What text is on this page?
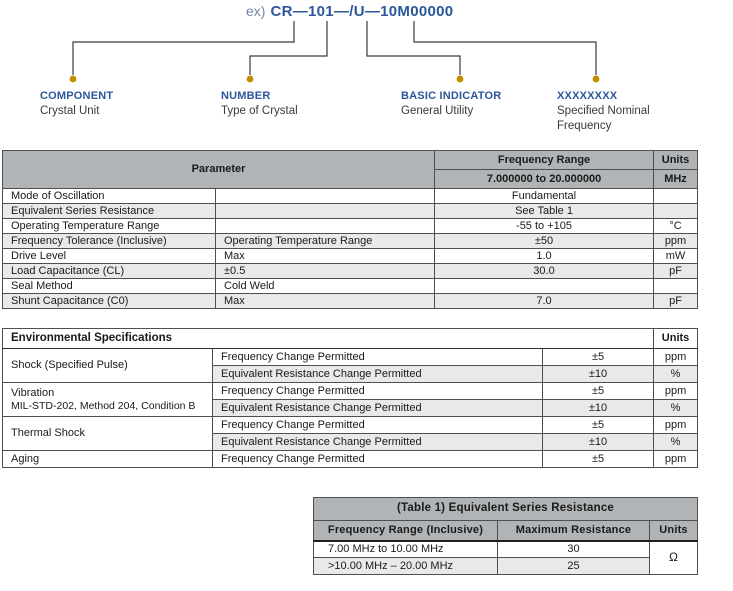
ex) CR—101—/U—10M00000
COMPONENT
Crystal Unit
NUMBER
Type of Crystal
BASIC INDICATOR
General Utility
XXXXXXXX
Specified Nominal Frequency
Parameter		Frequency Range	Units
		7.000000 to 20.000000	MHz
Mode of Oscillation		Fundamental	
Equivalent Series Resistance		See Table 1	
Operating Temperature Range		-55 to +105	°C
Frequency Tolerance (Inclusive)	Operating Temperature Range	±50	ppm
Drive Level	Max	1.0	mW
Load Capacitance (CL)	±0.5	30.0	pF
Seal Method	Cold Weld		
Shunt Capacitance (C0)	Max	7.0	pF
Environmental Specifications			Units

Shock (Specified Pulse)	Frequency Change Permitted	±5	ppm
	Equivalent Resistance Change Permitted	±10	%

Vibration
MIL-STD-202, Method 204, Condition B	Frequency Change Permitted	±5	ppm
	Equivalent Resistance Change Permitted	±10	%

Thermal Shock	Frequency Change Permitted	±5	ppm
	Equivalent Resistance Change Permitted	±10	%

Aging	Frequency Change Permitted	±5	ppm
(Table 1) Equivalent Series Resistance		
Frequency Range (Inclusive)	Maximum Resistance	Units
7.00 MHz to 10.00 MHz	30	Ω
>10.00 MHz – 20.00 MHz	25	
